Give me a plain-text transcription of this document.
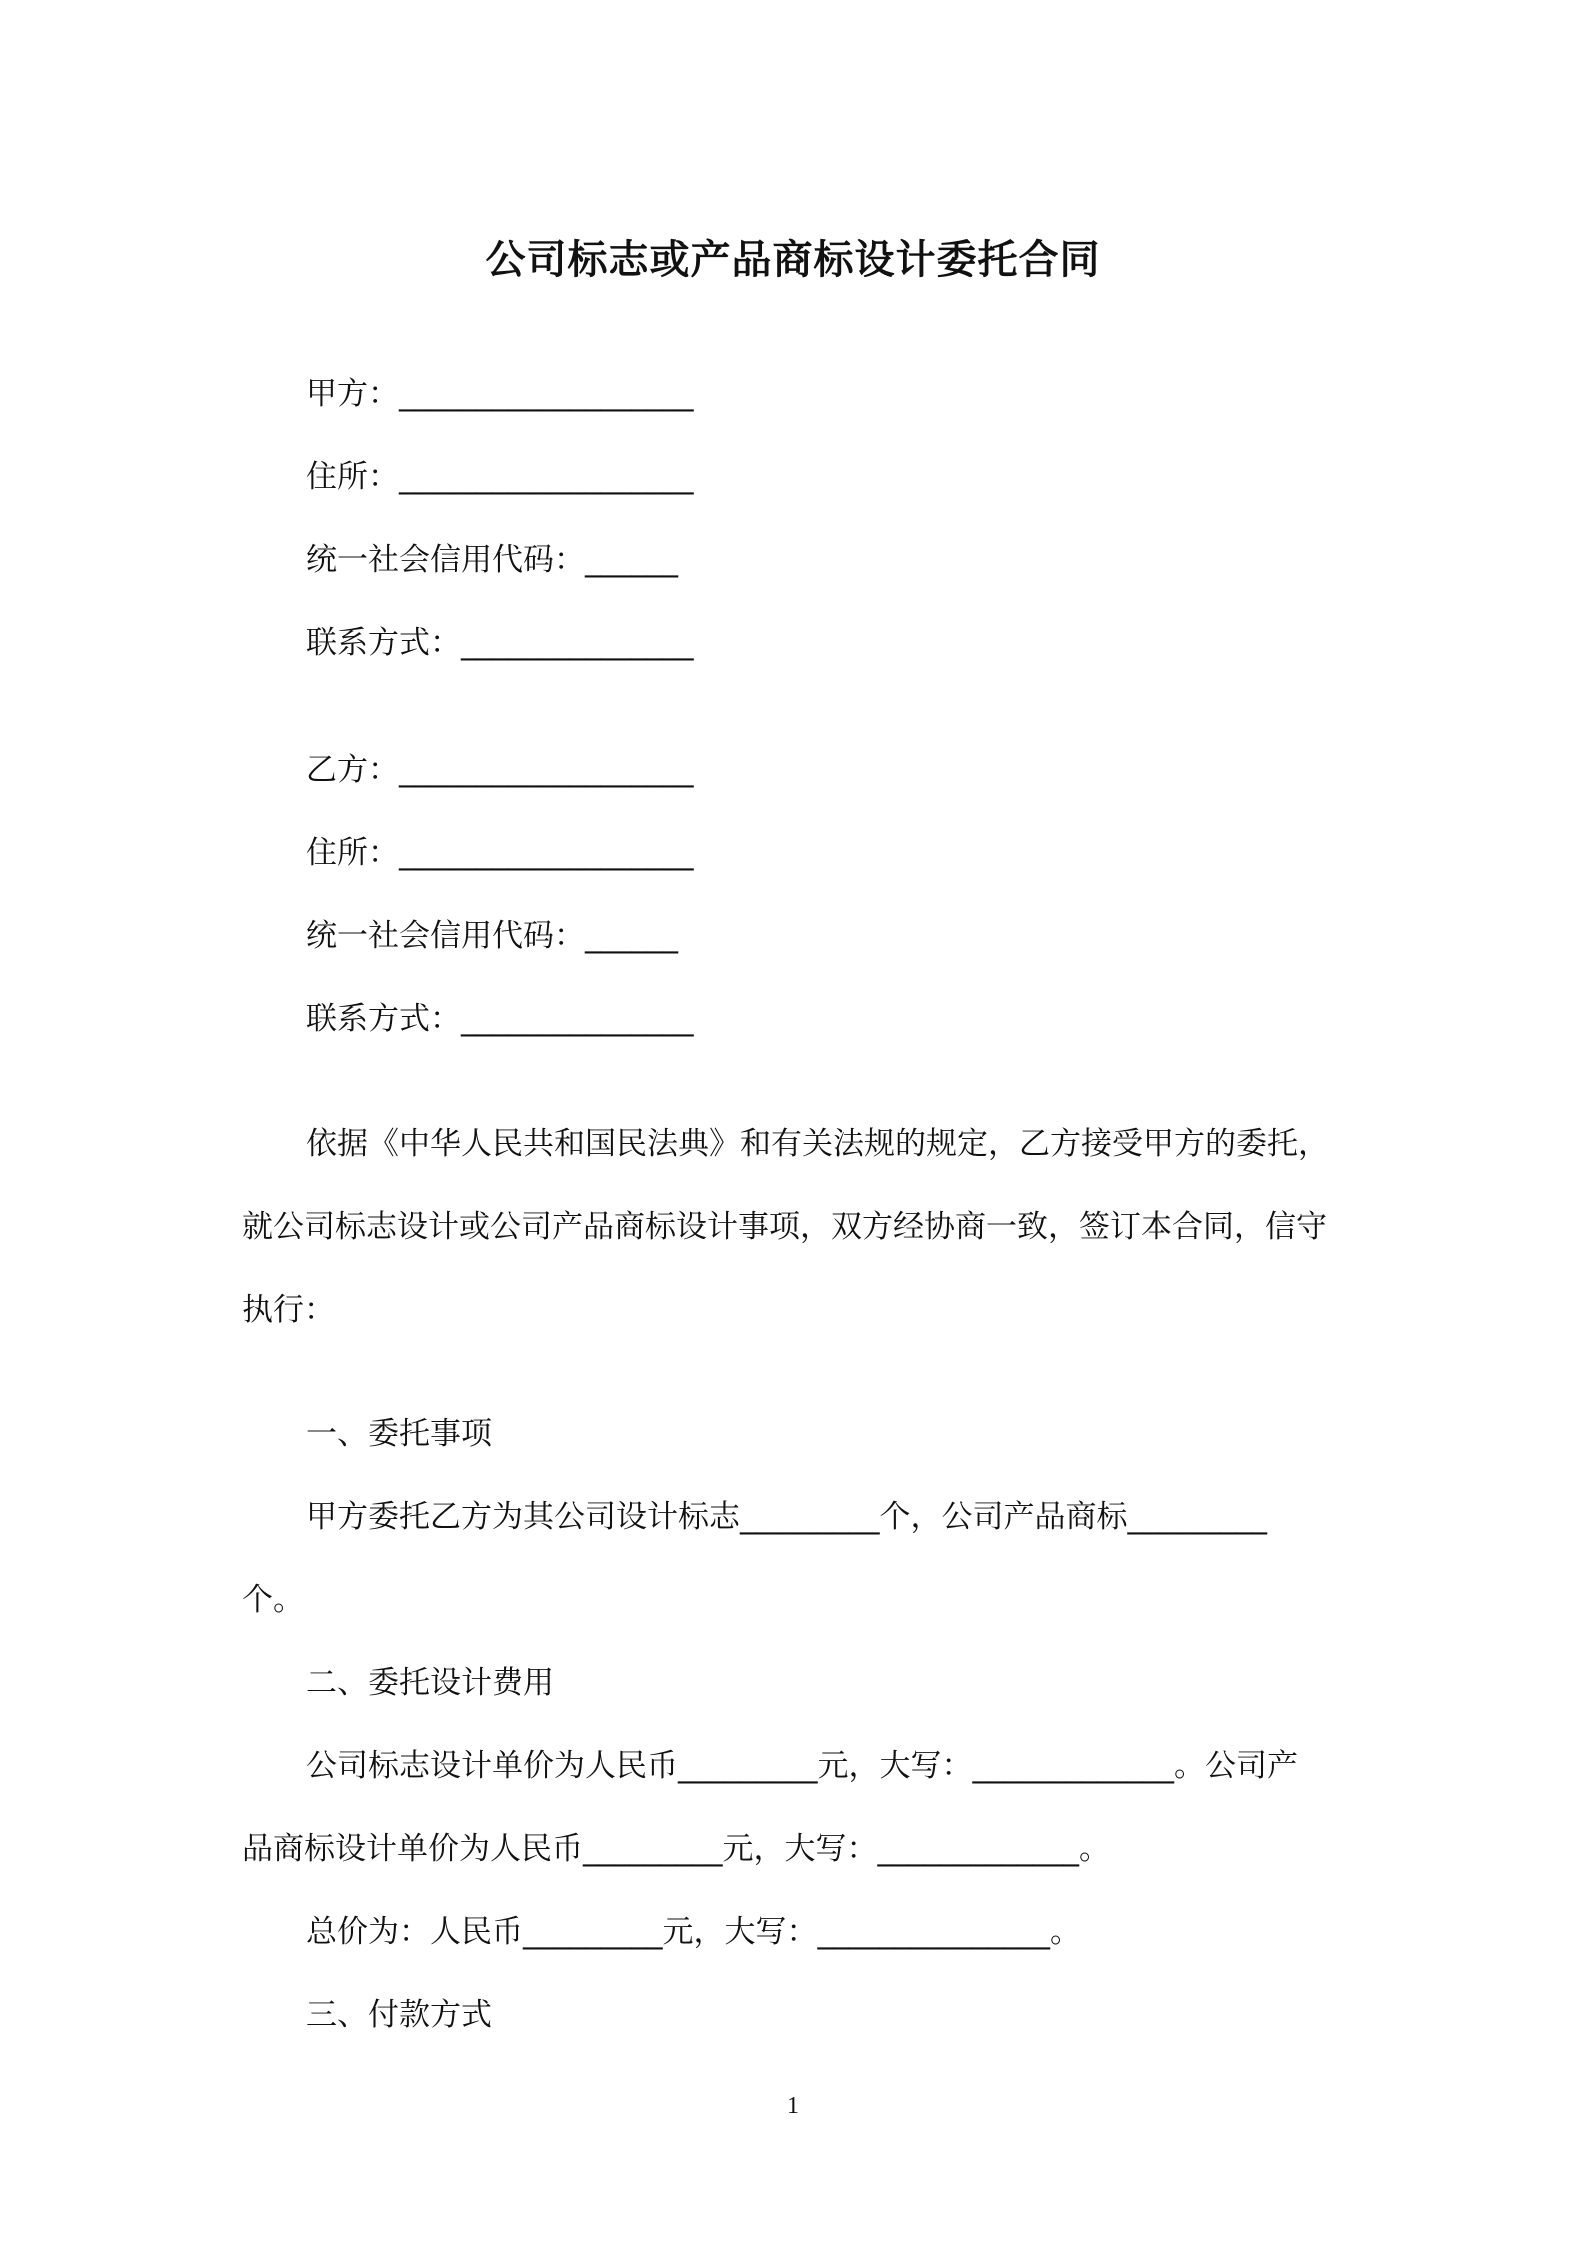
公司标志或产品商标设计委托合同
甲方：___________________
住所：___________________
统一社会信用代码：______
联系方式：_______________
乙方：___________________
住所：___________________
统一社会信用代码：______
联系方式：_______________
依据《中华人民共和国民法典》和有关法规的规定，乙方接受甲方的委托，
就公司标志设计或公司产品商标设计事项，双方经协商一致，签订本合同，信守
执行：
一、委托事项
甲方委托乙方为其公司设计标志_________个，公司产品商标_________
个。
二、委托设计费用
公司标志设计单价为人民币_________元，大写：_____________。公司产
品商标设计单价为人民币_________元，大写：_____________。
总价为：人民币_________元，大写：_______________。
三、付款方式
1
